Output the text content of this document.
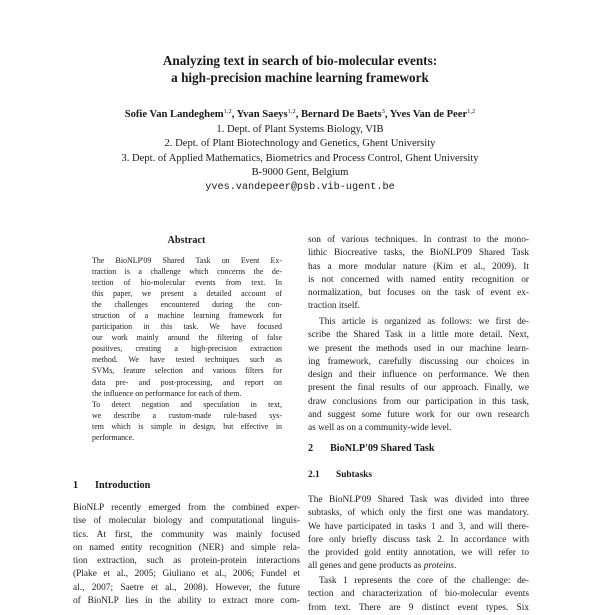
Analyzing text in search of bio-molecular events:
a high-precision machine learning framework
Sofie Van Landeghem$^{1,2}$, Yvan Saeys$^{1,2}$, Bernard De Baets$^3$, Yves Van de Peer$^{1,2}$
1. Dept. of Plant Systems Biology, VIB
2. Dept. of Plant Biotechnology and Genetics, Ghent University
3. Dept. of Applied Mathematics, Biometrics and Process Control, Ghent University
B-9000 Gent, Belgium
yves.vandepeer@psb.vib-ugent.be
Abstract
The BioNLP'09 Shared Task on Event Ex-
traction is a challenge which concerns the de-
tection of bio-molecular events from text. In
this paper, we present a detailed account of
the challenges encountered during the con-
struction of a machine learning framework for
participation in this task. We have focused
our work mainly around the filtering of false
positives, creating a high-precision extraction
method. We have tested techniques such as
SVMs, feature selection and various filters for
data pre- and post-processing, and report on
the influence on performance for each of them.
To detect negation and speculation in text,
we describe a custom-made rule-based sys-
tem which is simple in design, but effective in
performance.
1 Introduction
BioNLP recently emerged from the combined exper-
tise of molecular biology and computational linguis-
tics. At first, the community was mainly focused
on named entity recognition (NER) and simple rela-
tion extraction, such as protein-protein interactions
(Plake et al., 2005; Giuliano et al., 2006; Fundel et
al., 2007; Saetre et al., 2008). However, the future
of BioNLP lies in the ability to extract more com-
son of various techniques. In contrast to the mono-
lithic Biocreative tasks, the BioNLP'09 Shared Task
has a more modular nature (Kim et al., 2009). It
is not concerned with named entity recognition or
normalization, but focuses on the task of event ex-
traction itself.
This article is organized as follows: we first de-
scribe the Shared Task in a little more detail. Next,
we present the methods used in our machine learn-
ing framework, carefully discussing our choices in
design and their influence on performance. We then
present the final results of our approach. Finally, we
draw conclusions from our participation in this task,
and suggest some future work for our own research
as well as on a community-wide level.
2 BioNLP'09 Shared Task
2.1 Subtasks
The BioNLP'09 Shared Task was divided into three
subtasks, of which only the first one was mandatory.
We have participated in tasks 1 and 3, and will there-
fore only briefly discuss task 2. In accordance with
the provided gold entity annotation, we will refer to
all genes and gene products as proteins.
Task 1 represents the core of the challenge: de-
tection and characterization of bio-molecular events
from text. There are 9 distinct event types. Six
